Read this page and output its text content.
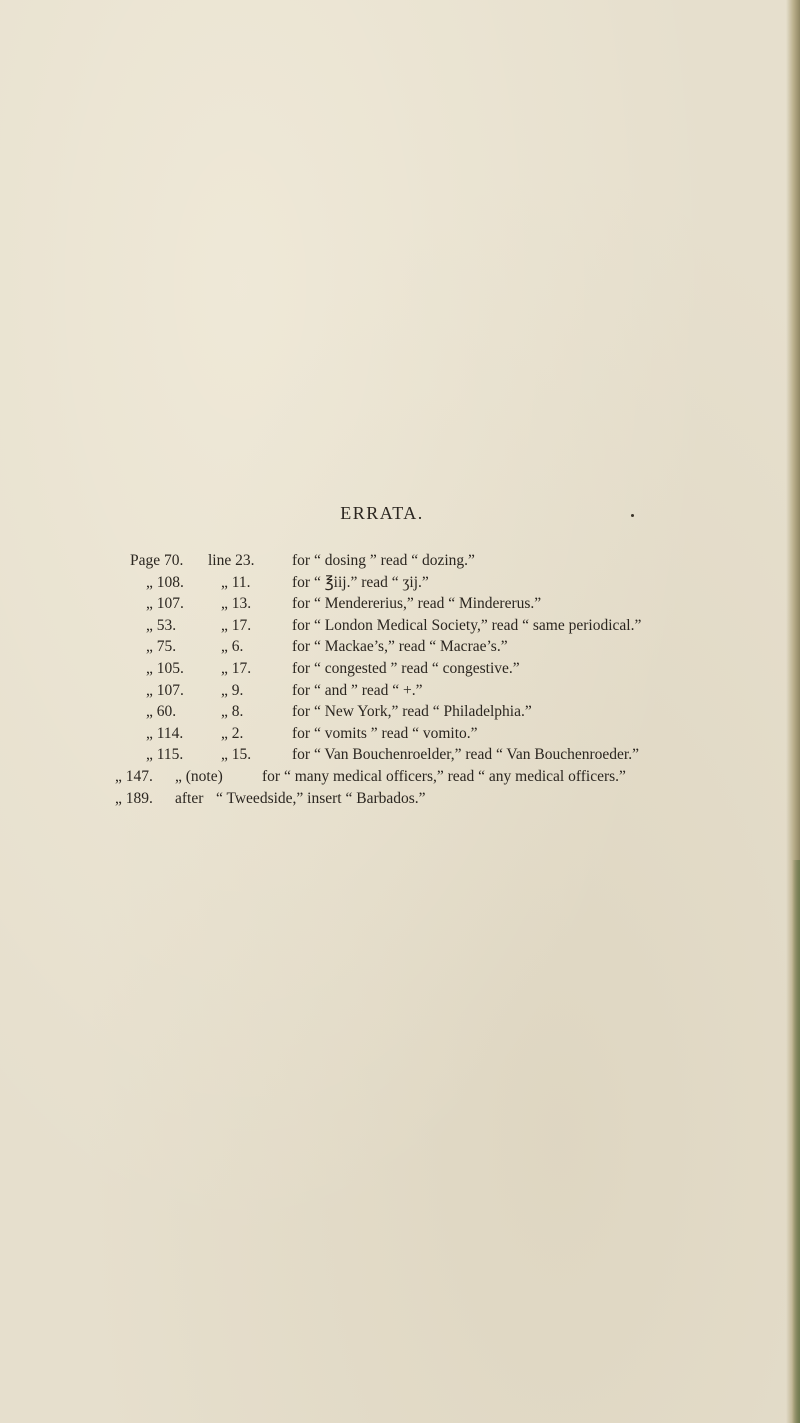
ERRATA.
Page 70. line 23. for “ dosing ” read “ dozing.”
„ 108. „ 11.	for “ ℥iij.” read “ ʒij.”
„ 107. „ 13.	for “ Mendererius,” read “ Mindererus.”
„ 53.	„ 17.	for “ London Medical Society,” read “ same periodical.”
„ 75.	„ 6.	for “ Mackae’s,” read “ Macrae’s.”
„ 105. „ 17.	for “ congested ” read “ congestive.”
„ 107. „ 9.	for “ and ” read “ +.”
„ 60.	„ 8.	for “ New York,” read “ Philadelphia.”
„ 114. „ 2.	for “ vomits ” read “ vomito.”
„ 115. „ 15.	for “ Van Bouchenroelder,” read “ Van Bouchenroeder.”
„ 147. „ (note)	for “ many medical officers,” read “ any medical officers.”
„ 189. after “ Tweedside,” insert “ Barbados.”
